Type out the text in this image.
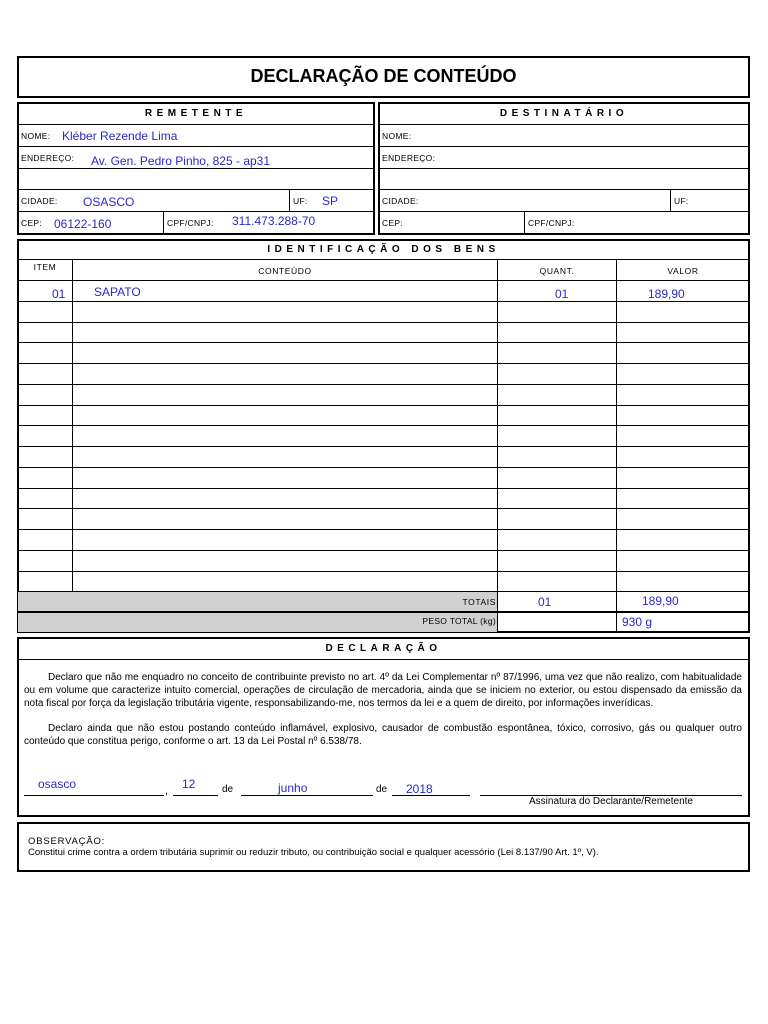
DECLARAÇÃO DE CONTEÚDO
REMETENTE
NOME: Kléber Rezende Lima
ENDEREÇO: Av. Gen. Pedro Pinho, 825 - ap31
CIDADE: OSASCO	UF: SP
CEP: 06122-160	CPF/CNPJ: 311.473.288-70
DESTINATÁRIO
NOME:
ENDEREÇO:
CIDADE:	UF:
CEP:	CPF/CNPJ:
IDENTIFICAÇÃO DOS BENS
ITEM	CONTEÚDO	QUANT.	VALOR
01 SAPATO	01	189,90
TOTAIS	01	189,90
PESO TOTAL (kg)	930 g
DECLARAÇÃO
Declaro que não me enquadro no conceito de contribuinte previsto no art. 4º da Lei Complementar nº 87/1996, uma vez que não realizo, com habitualidade ou em volume que caracterize intuito comercial, operações de circulação de mercadoria, ainda que se iniciem no exterior, ou estou dispensado da emissão da nota fiscal por força da legislação tributária vigente, responsabilizando-me, nos termos da lei e a quem de direito, por informações inverídicas.
Declaro ainda que não estou postando conteúdo inflamável, explosivo, causador de combustão espontânea, tóxico, corrosivo, gás ou qualquer outro conteúdo que constitua perigo, conforme o art. 13 da Lei Postal nº 6.538/78.
osasco	, 12	de	junho	de 2018
Assinatura do Declarante/Remetente
OBSERVAÇÃO:
Constitui crime contra a ordem tributária suprimir ou reduzir tributo, ou contribuição social e qualquer acessório (Lei 8.137/90 Art. 1º, V).
